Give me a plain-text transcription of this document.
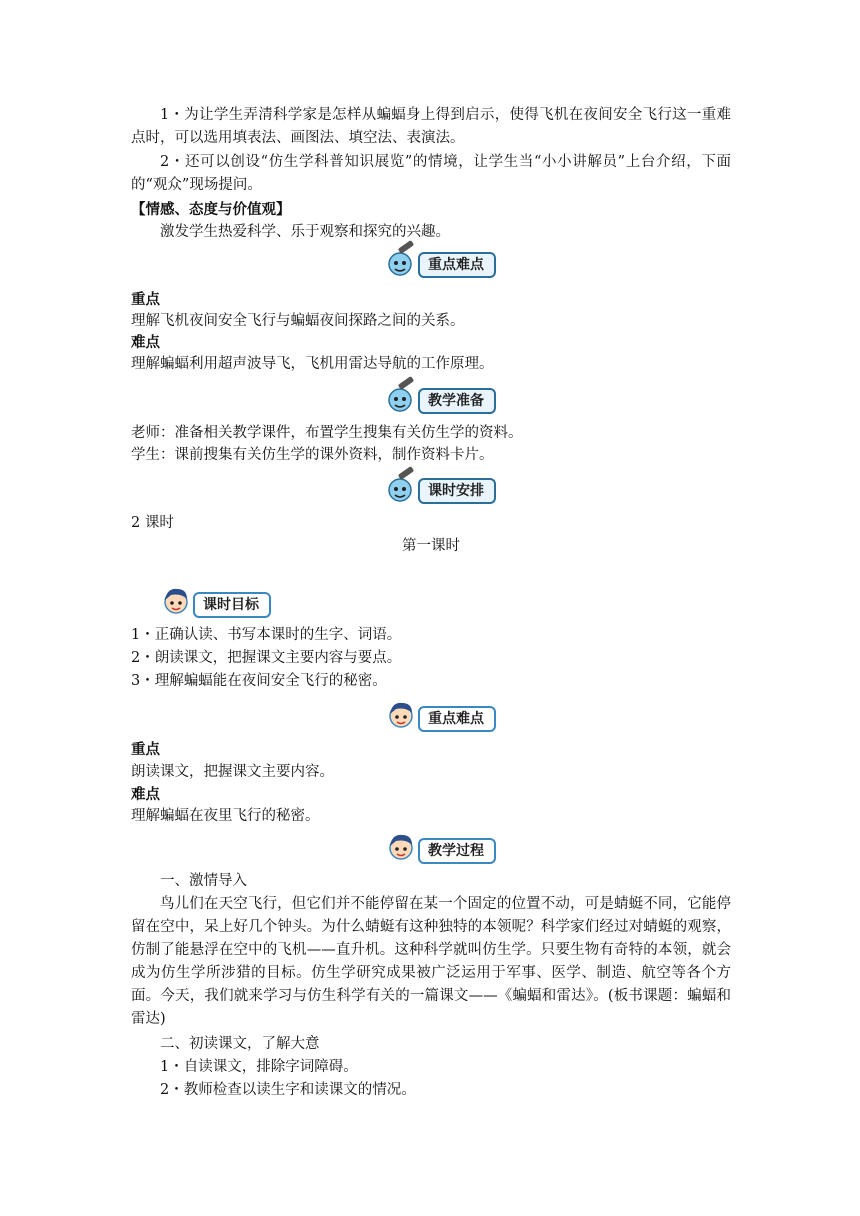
1・为让学生弄清科学家是怎样从蝙蝠身上得到启示，使得飞机在夜间安全飞行这一重难点时，可以选用填表法、画图法、填空法、表演法。

2・还可以创设“仿生学科普知识展览”的情境，让学生当“小小讲解员”上台介绍，下面的“观众”现场提问。

【情感、态度与价值观】

激发学生热爱科学、乐于观察和探究的兴趣。

重点难点

重点

理解飞机夜间安全飞行与蝙蝠夜间探路之间的关系。

难点

理解蝙蝠利用超声波导飞，飞机用雷达导航的工作原理。

教学准备

老师：准备相关教学课件，布置学生搜集有关仿生学的资料。

学生：课前搜集有关仿生学的课外资料，制作资料卡片。

课时安排

2 课时

第一课时
课时目标

1・正确认读、书写本课时的生字、词语。

2・朗读课文，把握课文主要内容与要点。

3・理解蝙蝠能在夜间安全飞行的秘密。

重点难点

重点

朗读课文，把握课文主要内容。

难点

理解蝙蝠在夜里飞行的秘密。

教学过程

一、激情导入

鸟儿们在天空飞行，但它们并不能停留在某一个固定的位置不动，可是蜻蜓不同，它能停留在空中，呆上好几个钟头。为什么蜻蜓有这种独特的本领呢？科学家们经过对蜻蜓的观察，仿制了能悬浮在空中的飞机——直升机。这种科学就叫仿生学。只要生物有奇特的本领，就会成为仿生学所涉猎的目标。仿生学研究成果被广泛运用于军事、医学、制造、航空等各个方面。今天，我们就来学习与仿生科学有关的一篇课文——《蝙蝠和雷达》。(板书课题：蝙蝠和雷达)

二、初读课文，了解大意

1・自读课文，排除字词障碍。

2・教师检查以读生字和读课文的情况。
